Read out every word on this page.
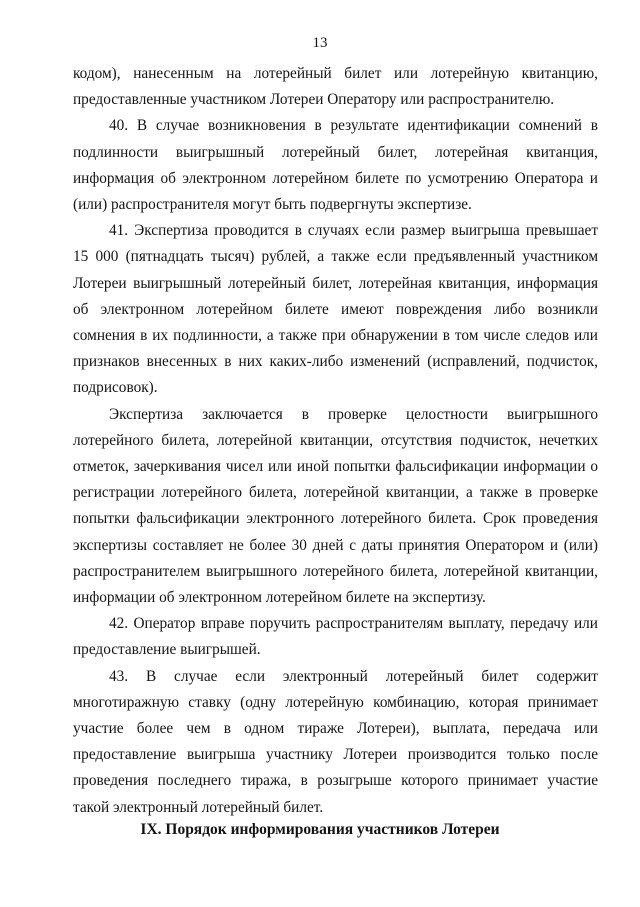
13

кодом), нанесенным на лотерейный билет или лотерейную квитанцию, предоставленные участником Лотереи Оператору или распространителю.

40. В случае возникновения в результате идентификации сомнений в подлинности выигрышный лотерейный билет, лотерейная квитанция, информация об электронном лотерейном билете по усмотрению Оператора и (или) распространителя могут быть подвергнуты экспертизе.

41. Экспертиза проводится в случаях если размер выигрыша превышает 15 000 (пятнадцать тысяч) рублей, а также если предъявленный участником Лотереи выигрышный лотерейный билет, лотерейная квитанция, информация об электронном лотерейном билете имеют повреждения либо возникли сомнения в их подлинности, а также при обнаружении в том числе следов или признаков внесенных в них каких-либо изменений (исправлений, подчисток, подрисовок).

Экспертиза заключается в проверке целостности выигрышного лотерейного билета, лотерейной квитанции, отсутствия подчисток, нечетких отметок, зачеркивания чисел или иной попытки фальсификации информации о регистрации лотерейного билета, лотерейной квитанции, а также в проверке попытки фальсификации электронного лотерейного билета. Срок проведения экспертизы составляет не более 30 дней с даты принятия Оператором и (или) распространителем выигрышного лотерейного билета, лотерейной квитанции, информации об электронном лотерейном билете на экспертизу.

42. Оператор вправе поручить распространителям выплату, передачу или предоставление выигрышей.

43. В случае если электронный лотерейный билет содержит многотиражную ставку (одну лотерейную комбинацию, которая принимает участие более чем в одном тираже Лотереи), выплата, передача или предоставление выигрыша участнику Лотереи производится только после проведения последнего тиража, в розыгрыше которого принимает участие такой электронный лотерейный билет.

IX. Порядок информирования участников Лотереи
